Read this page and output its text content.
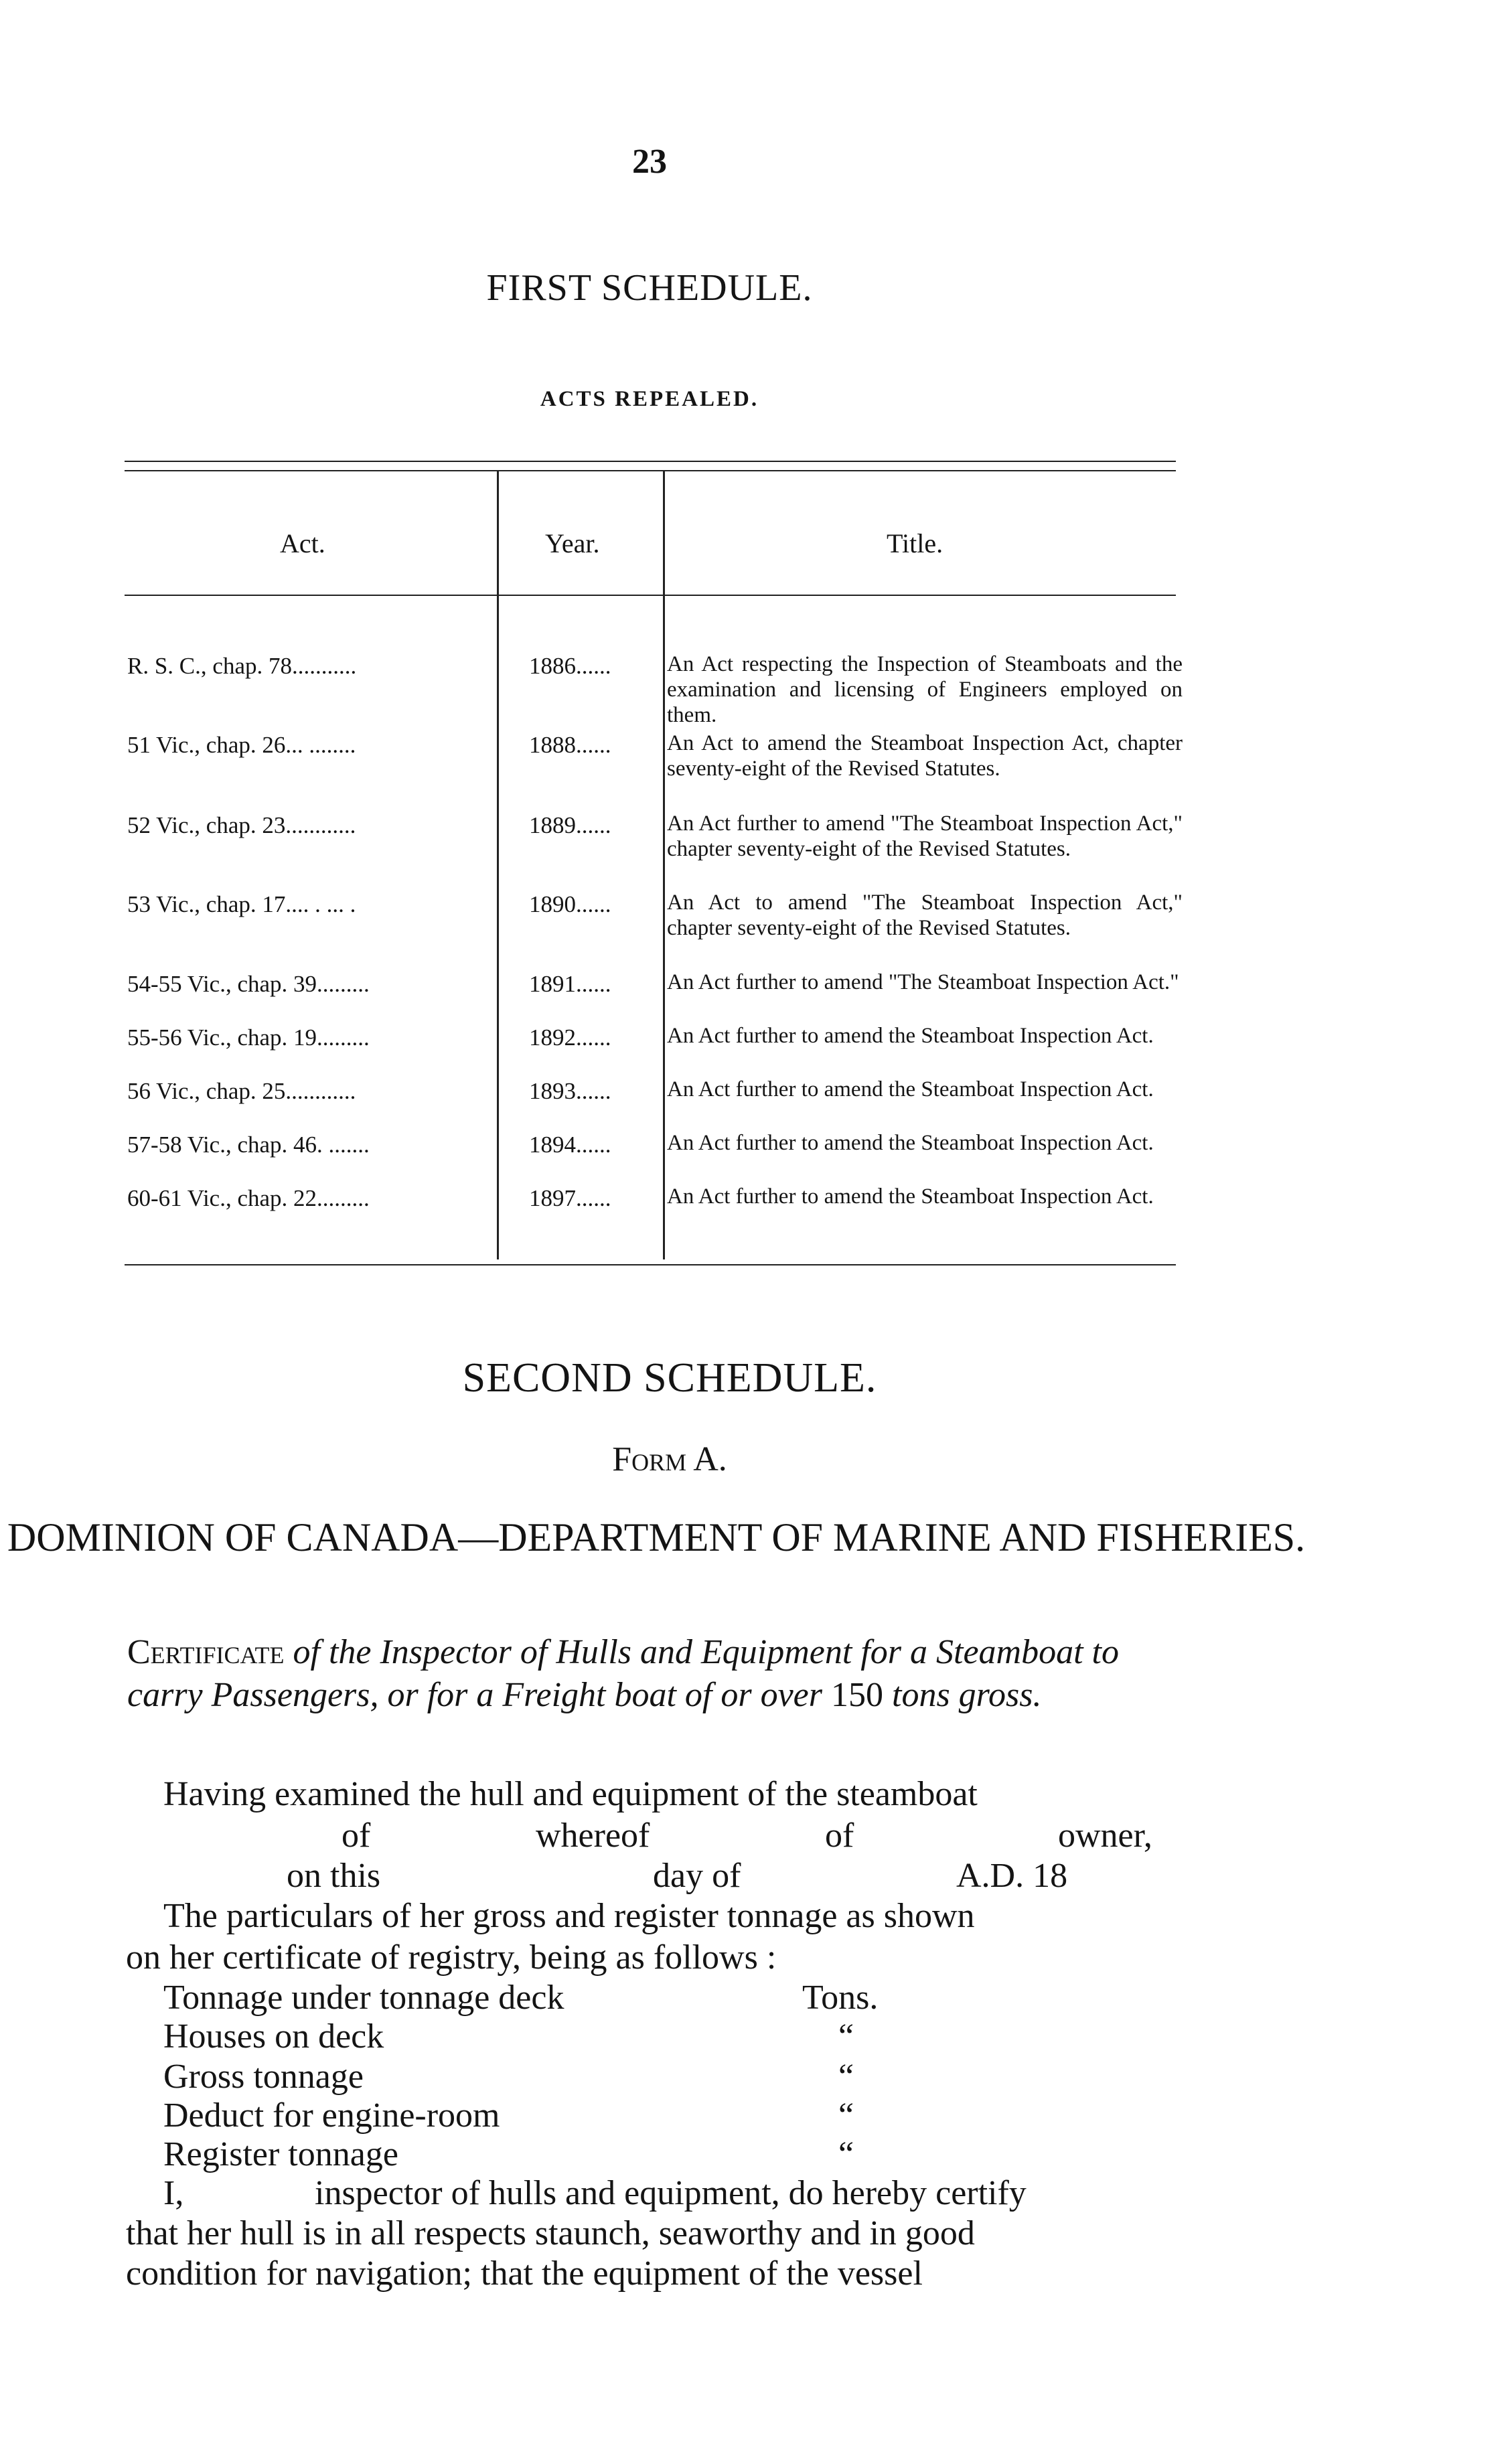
23
FIRST SCHEDULE.
ACTS REPEALED.
Act.	Year.	Title.
R. S. C., chap. 78...........	1886......	An Act respecting the Inspection of Steamboats and the examination and licensing of Engineers employed on them.
51 Vic., chap. 26... ........	1888......	An Act to amend the Steamboat Inspection Act, chapter seventy-eight of the Revised Statutes.
52 Vic., chap. 23............	1889......	An Act further to amend "The Steamboat Inspection Act," chapter seventy-eight of the Revised Statutes.
53 Vic., chap. 17.... . ... .	1890......	An Act to amend "The Steamboat Inspection Act," chapter seventy-eight of the Revised Statutes.
54-55 Vic., chap. 39.........	1891......	An Act further to amend "The Steamboat Inspection Act."
55-56 Vic., chap. 19.........	1892......	An Act further to amend the Steamboat Inspection Act.
56 Vic., chap. 25............	1893......	An Act further to amend the Steamboat Inspection Act.
57-58 Vic., chap. 46. .......	1894......	An Act further to amend the Steamboat Inspection Act.
60-61 Vic., chap. 22.........	1897......	An Act further to amend the Steamboat Inspection Act.
SECOND SCHEDULE.
Form A.
DOMINION OF CANADA—DEPARTMENT OF MARINE AND FISHERIES.
Certificate of the Inspector of Hulls and Equipment for a Steamboat to carry Passengers, or for a Freight boat of or over 150 tons gross.
Having examined the hull and equipment of the steamboat
of	whereof	of	owner,
on this	day of	A.D. 18
The particulars of her gross and register tonnage as shown
on her certificate of registry, being as follows :
Tonnage under tonnage deck	Tons.
Houses on deck	“
Gross tonnage	“
Deduct for engine-room	“
Register tonnage	“
I,	inspector of hulls and equipment, do hereby certify
that her hull is in all respects staunch, seaworthy and in good
condition for navigation; that the equipment of the vessel
